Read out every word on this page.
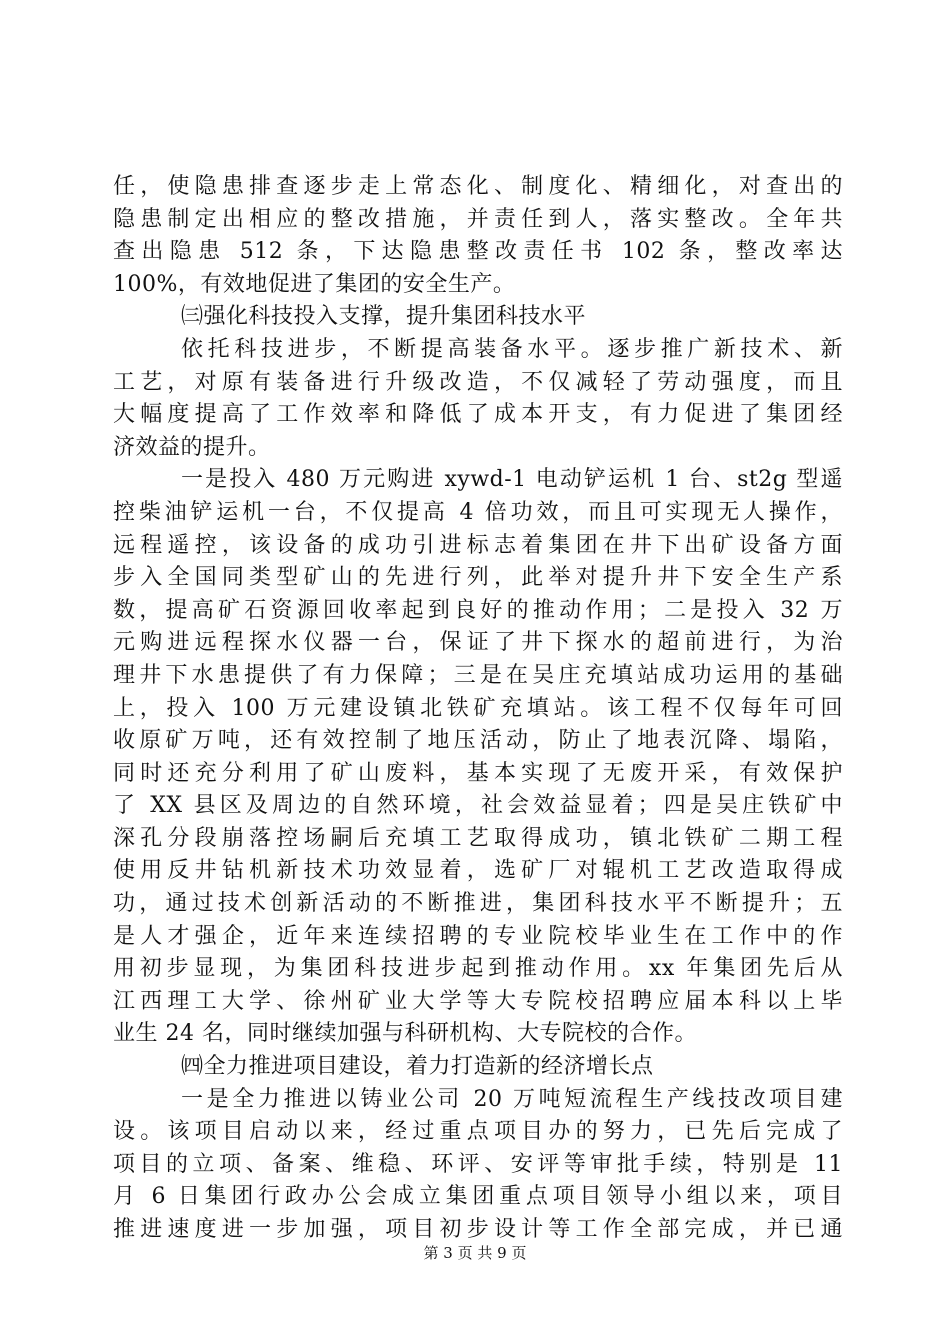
任，使隐患排查逐步走上常态化、制度化、精细化，对查出的
隐患制定出相应的整改措施，并责任到人，落实整改。全年共
查出隐患 512 条，下达隐患整改责任书 102 条，整改率达
100%，有效地促进了集团的安全生产。
㈢强化科技投入支撑，提升集团科技水平
依托科技进步，不断提高装备水平。逐步推广新技术、新
工艺，对原有装备进行升级改造，不仅减轻了劳动强度，而且
大幅度提高了工作效率和降低了成本开支，有力促进了集团经
济效益的提升。
一是投入 480 万元购进 xywd-1 电动铲运机 1 台、st2g 型遥
控柴油铲运机一台，不仅提高 4 倍功效，而且可实现无人操作，
远程遥控，该设备的成功引进标志着集团在井下出矿设备方面
步入全国同类型矿山的先进行列，此举对提升井下安全生产系
数，提高矿石资源回收率起到良好的推动作用；二是投入 32 万
元购进远程探水仪器一台，保证了井下探水的超前进行，为治
理井下水患提供了有力保障；三是在吴庄充填站成功运用的基础
上，投入 100 万元建设镇北铁矿充填站。该工程不仅每年可回
收原矿万吨，还有效控制了地压活动，防止了地表沉降、塌陷，
同时还充分利用了矿山废料，基本实现了无废开采，有效保护
了 XX 县区及周边的自然环境，社会效益显着；四是吴庄铁矿中
深孔分段崩落控场嗣后充填工艺取得成功，镇北铁矿二期工程
使用反井钻机新技术功效显着，选矿厂对辊机工艺改造取得成
功，通过技术创新活动的不断推进，集团科技水平不断提升；五
是人才强企，近年来连续招聘的专业院校毕业生在工作中的作
用初步显现，为集团科技进步起到推动作用。xx 年集团先后从
江西理工大学、徐州矿业大学等大专院校招聘应届本科以上毕
业生 24 名，同时继续加强与科研机构、大专院校的合作。
㈣全力推进项目建设，着力打造新的经济增长点
一是全力推进以铸业公司 20 万吨短流程生产线技改项目建
设。该项目启动以来，经过重点项目办的努力，已先后完成了
项目的立项、备案、维稳、环评、安评等审批手续，特别是 11
月 6 日集团行政办公会成立集团重点项目领导小组以来，项目
推进速度进一步加强，项目初步设计等工作全部完成，并已通
第 3 页 共 9 页
